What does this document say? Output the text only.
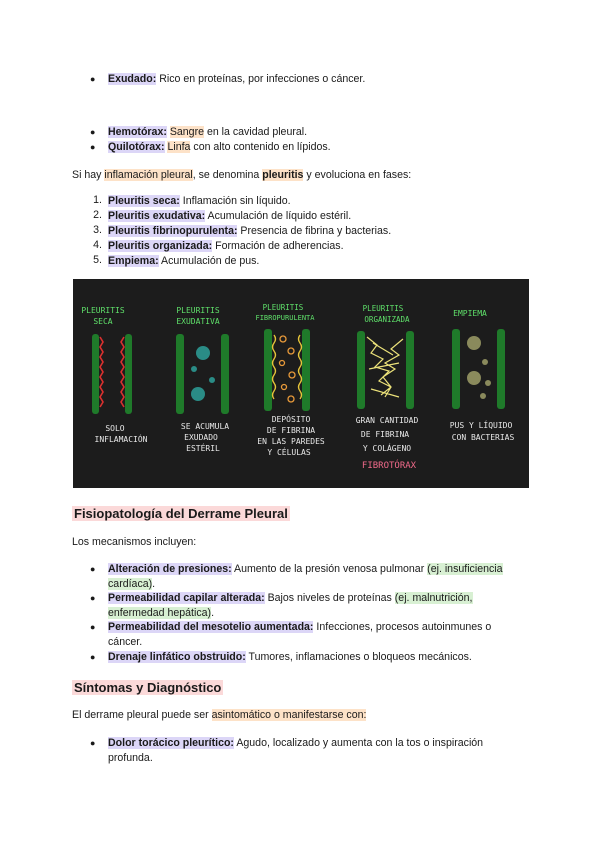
● Exudado: Rico en proteínas, por infecciones o cáncer.
● Hemotórax: Sangre en la cavidad pleural.
● Quilotórax: Linfa con alto contenido en lípidos.
Si hay inflamación pleural, se denomina pleuritis y evoluciona en fases:
1. Pleuritis seca: Inflamación sin líquido.
2. Pleuritis exudativa: Acumulación de líquido estéril.
3. Pleuritis fibrinopurulenta: Presencia de fibrina y bacterias.
4. Pleuritis organizada: Formación de adherencias.
5. Empiema: Acumulación de pus.
PLEURITIS
SECA
SOLO
INFLAMACIÓN
PLEURITIS
EXUDATIVA
SE ACUMULA
EXUDADO
ESTÉRIL
PLEURITIS
FIBROPURULENTA
DEPÓSITO
DE FIBRINA
EN LAS PAREDES
Y CÉLULAS
PLEURITIS
ORGANIZADA
GRAN CANTIDAD
DE FIBRINA
Y COLÁGENO
FIBROTÓRAX
EMPIEMA
PUS Y LÍQUIDO
CON BACTERIAS
Fisiopatología del Derrame Pleural
Los mecanismos incluyen:
● Alteración de presiones: Aumento de la presión venosa pulmonar (ej. insuficiencia cardíaca).
● Permeabilidad capilar alterada: Bajos niveles de proteínas (ej. malnutrición, enfermedad hepática).
● Permeabilidad del mesotelio aumentada: Infecciones, procesos autoinmunes o cáncer.
● Drenaje linfático obstruido: Tumores, inflamaciones o bloqueos mecánicos.
Síntomas y Diagnóstico
El derrame pleural puede ser asintomático o manifestarse con:
● Dolor torácico pleurítico: Agudo, localizado y aumenta con la tos o inspiración profunda.
